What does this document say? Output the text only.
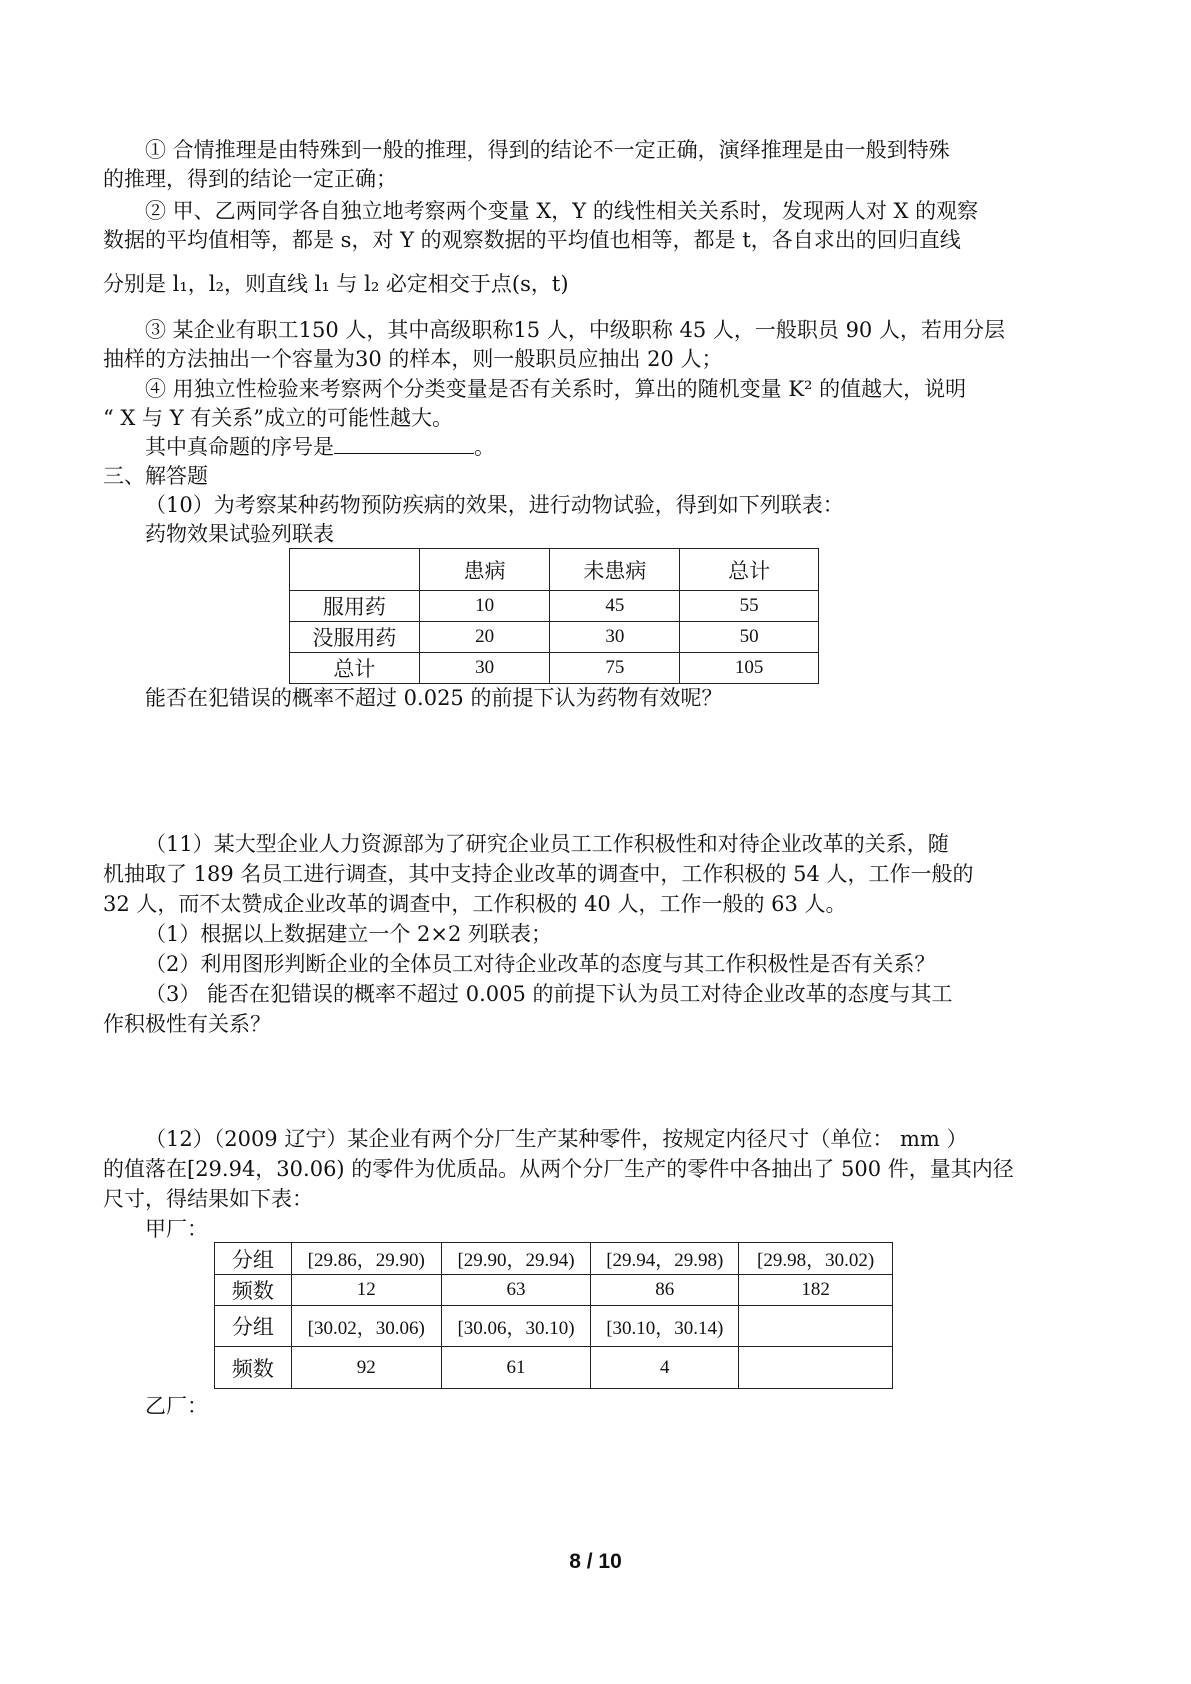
① 合情推理是由特殊到一般的推理，得到的结论不一定正确，演绎推理是由一般到特殊
的推理，得到的结论一定正确；
② 甲、乙两同学各自独立地考察两个变量 X，Y 的线性相关关系时，发现两人对 X 的观察
数据的平均值相等，都是 s，对 Y 的观察数据的平均值也相等，都是 t，各自求出的回归直线
分别是 l₁，l₂，则直线 l₁ 与 l₂ 必定相交于点(s，t)
③ 某企业有职工150 人，其中高级职称15 人，中级职称 45 人，一般职员 90 人，若用分层
抽样的方法抽出一个容量为30 的样本，则一般职员应抽出 20 人；
④ 用独立性检验来考察两个分类变量是否有关系时，算出的随机变量 K² 的值越大，说明
“ X 与 Y 有关系”成立的可能性越大。
其中真命题的序号是	。
三、解答题
（10）为考察某种药物预防疾病的效果，进行动物试验，得到如下列联表：
药物效果试验列联表
	患病	未患病	总计
服用药	10	45	55
没服用药	20	30	50
总计	30	75	105
能否在犯错误的概率不超过 0.025 的前提下认为药物有效呢？
（11）某大型企业人力资源部为了研究企业员工工作积极性和对待企业改革的关系，随
机抽取了 189 名员工进行调查，其中支持企业改革的调查中，工作积极的 54 人，工作一般的
32 人，而不太赞成企业改革的调查中，工作积极的 40 人，工作一般的 63 人。
（1）根据以上数据建立一个 2×2 列联表；
（2）利用图形判断企业的全体员工对待企业改革的态度与其工作积极性是否有关系？
（3） 能否在犯错误的概率不超过 0.005 的前提下认为员工对待企业改革的态度与其工
作积极性有关系？
（12）（2009 辽宁）某企业有两个分厂生产某种零件，按规定内径尺寸（单位： mm ）
的值落在[29.94，30.06) 的零件为优质品。从两个分厂生产的零件中各抽出了 500 件，量其内径
尺寸，得结果如下表：
甲厂：
分组	[29.86，29.90)	[29.90，29.94)	[29.94，29.98)	[29.98，30.02)
频数	12	63	86	182
分组	[30.02，30.06)	[30.06，30.10)	[30.10，30.14)	
频数	92	61	4	
乙厂：
8 / 10
